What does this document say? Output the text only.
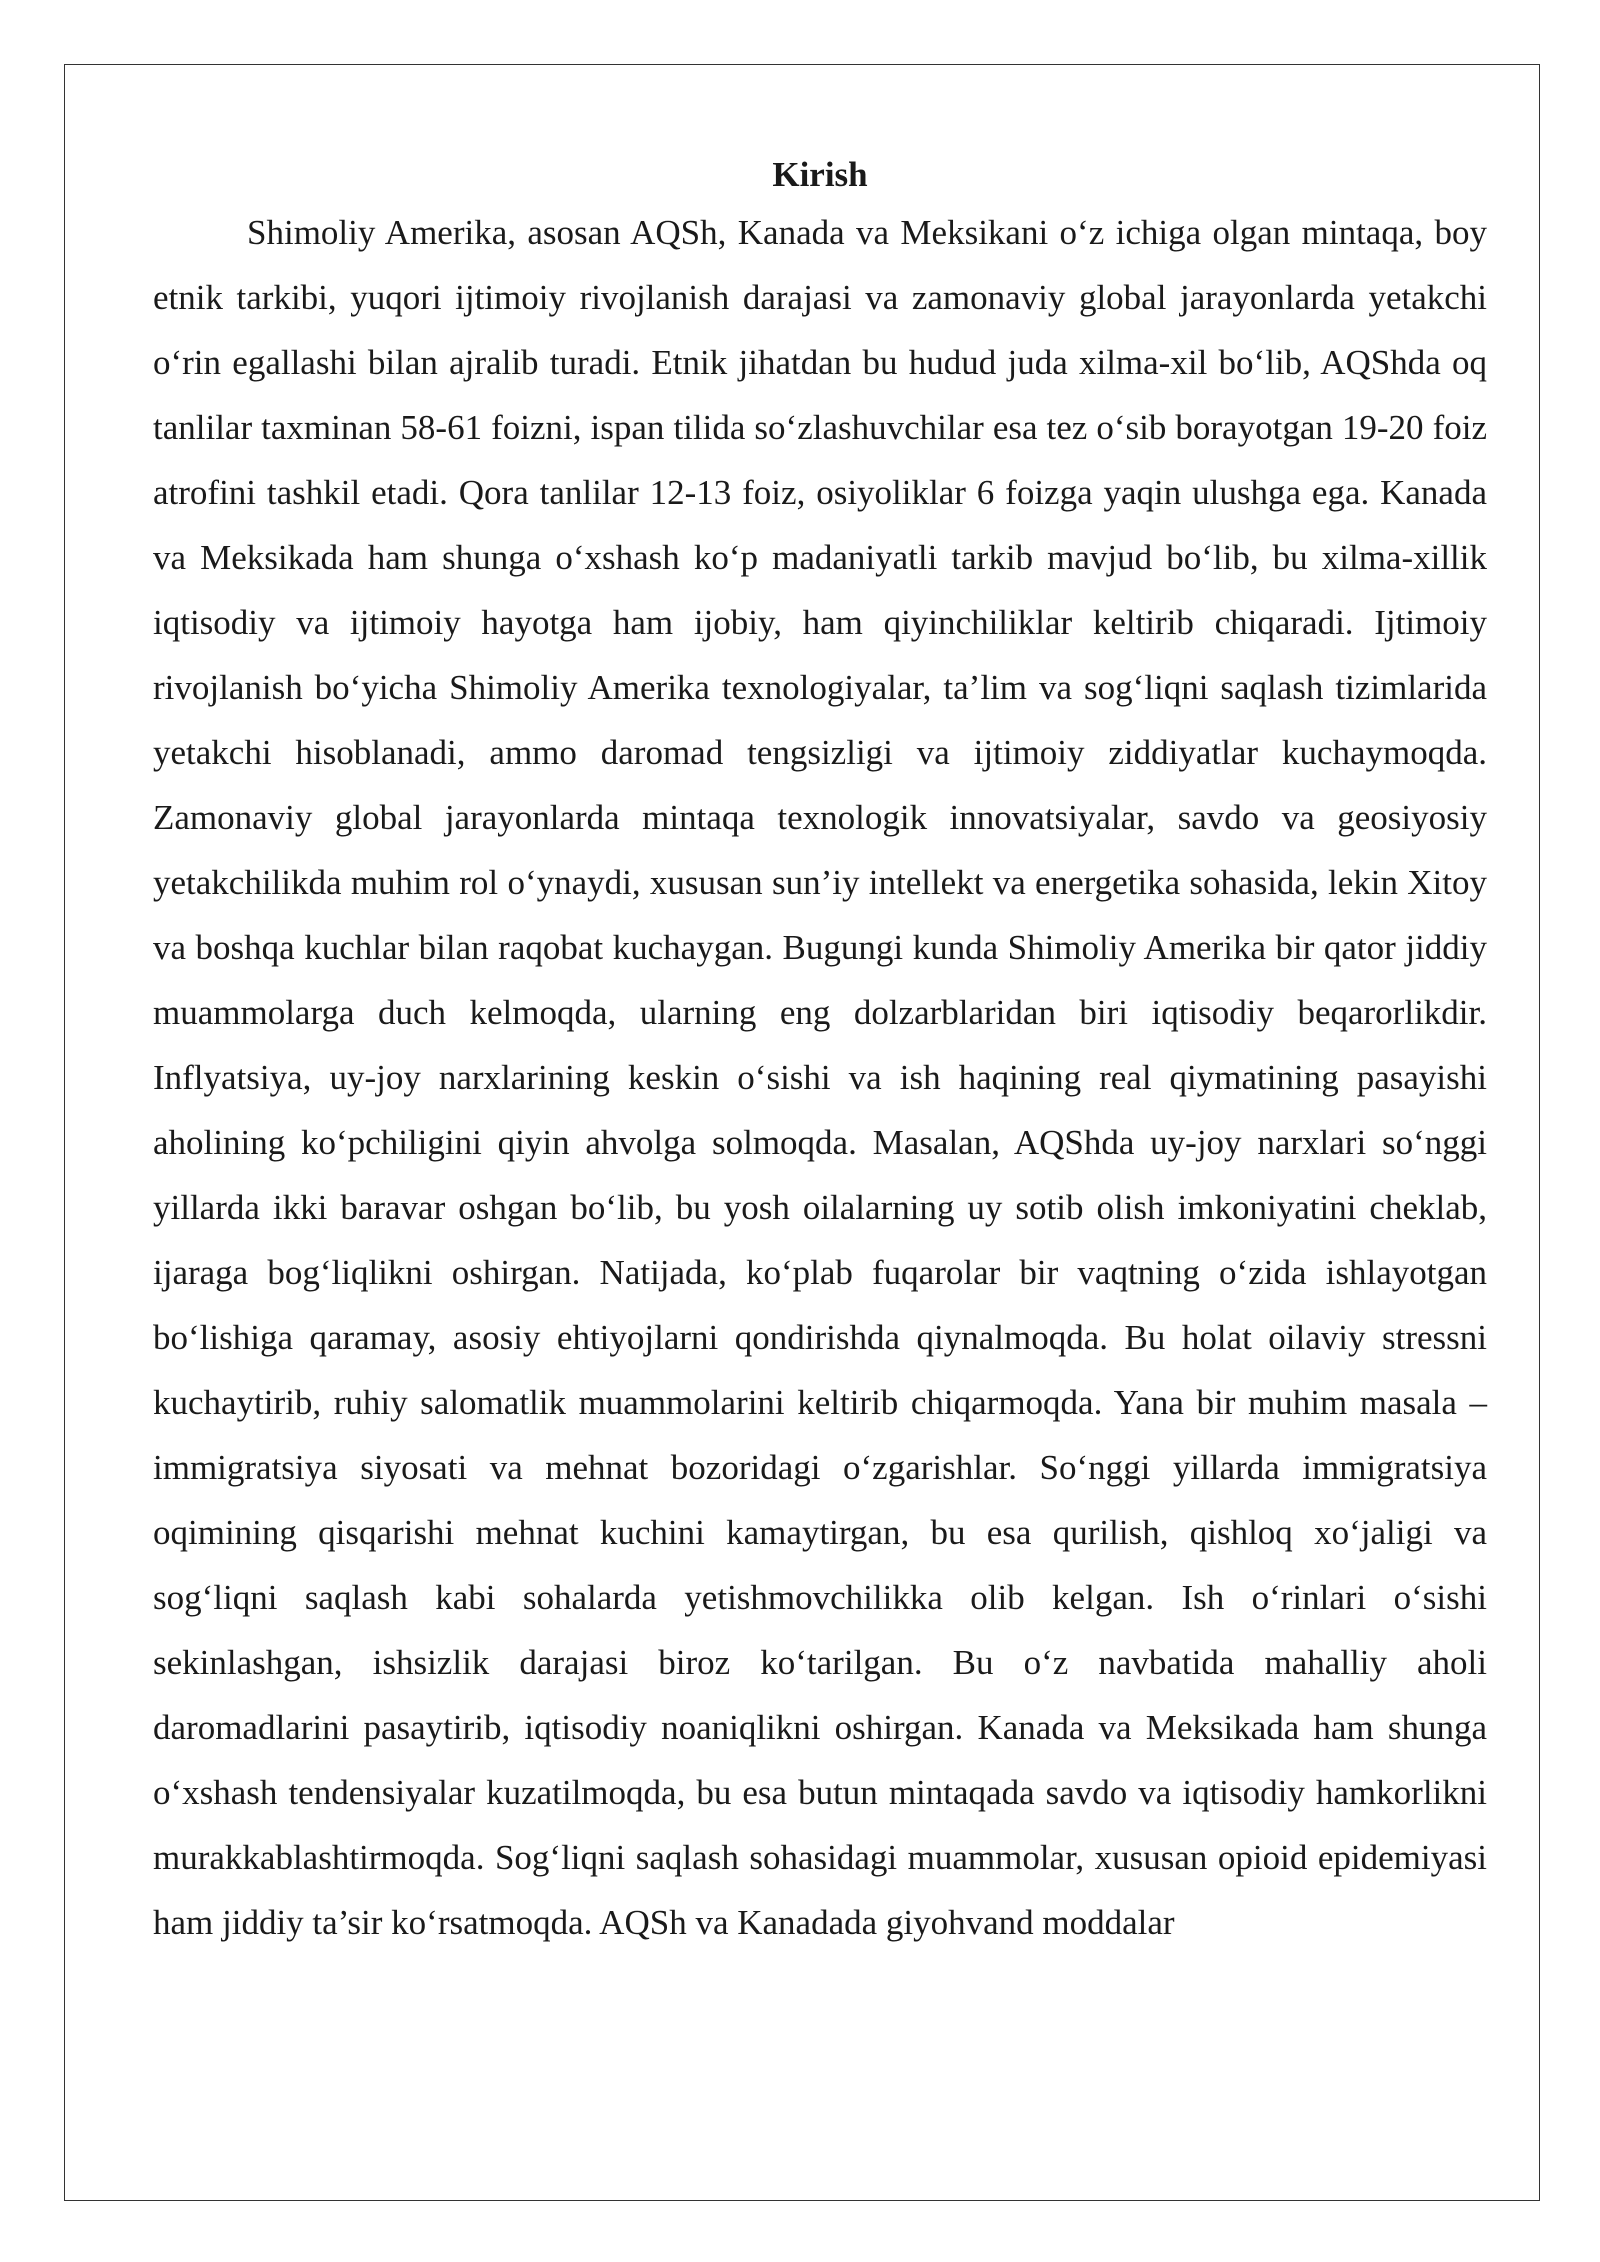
Kirish

Shimoliy Amerika, asosan AQSh, Kanada va Meksikani o‘z ichiga olgan mintaqa, boy etnik tarkibi, yuqori ijtimoiy rivojlanish darajasi va zamonaviy global jarayonlarda yetakchi o‘rin egallashi bilan ajralib turadi. Etnik jihatdan bu hudud juda xilma-xil bo‘lib, AQShda oq tanlilar taxminan 58-61 foizni, ispan tilida so‘zlashuvchilar esa tez o‘sib borayotgan 19-20 foiz atrofini tashkil etadi. Qora tanlilar 12-13 foiz, osiyoliklar 6 foizga yaqin ulushga ega. Kanada va Meksikada ham shunga o‘xshash ko‘p madaniyatli tarkib mavjud bo‘lib, bu xilma-xillik iqtisodiy va ijtimoiy hayotga ham ijobiy, ham qiyinchiliklar keltirib chiqaradi. Ijtimoiy rivojlanish bo‘yicha Shimoliy Amerika texnologiyalar, ta’lim va sog‘liqni saqlash tizimlarida yetakchi hisoblanadi, ammo daromad tengsizligi va ijtimoiy ziddiyatlar kuchaymoqda. Zamonaviy global jarayonlarda mintaqa texnologik innovatsiyalar, savdo va geosiyosiy yetakchilikda muhim rol o‘ynaydi, xususan sun’iy intellekt va energetika sohasida, lekin Xitoy va boshqa kuchlar bilan raqobat kuchaygan. Bugungi kunda Shimoliy Amerika bir qator jiddiy muammolarga duch kelmoqda, ularning eng dolzarblaridan biri iqtisodiy beqarorlikdir. Inflyatsiya, uy-joy narxlarining keskin o‘sishi va ish haqining real qiymatining pasayishi aholining ko‘pchiligini qiyin ahvolga solmoqda. Masalan, AQShda uy-joy narxlari so‘nggi yillarda ikki baravar oshgan bo‘lib, bu yosh oilalarning uy sotib olish imkoniyatini cheklab, ijaraga bog‘liqlikni oshirgan. Natijada, ko‘plab fuqarolar bir vaqtning o‘zida ishlayotgan bo‘lishiga qaramay, asosiy ehtiyojlarni qondirishda qiynalmoqda. Bu holat oilaviy stressni kuchaytirib, ruhiy salomatlik muammolarini keltirib chiqarmoqda. Yana bir muhim masala – immigratsiya siyosati va mehnat bozoridagi o‘zgarishlar. So‘nggi yillarda immigratsiya oqimining qisqarishi mehnat kuchini kamaytirgan, bu esa qurilish, qishloq xo‘jaligi va sog‘liqni saqlash kabi sohalarda yetishmovchilikka olib kelgan. Ish o‘rinlari o‘sishi sekinlashgan, ishsizlik darajasi biroz ko‘tarilgan. Bu o‘z navbatida mahalliy aholi daromadlarini pasaytirib, iqtisodiy noaniqlikni oshirgan. Kanada va Meksikada ham shunga o‘xshash tendensiyalar kuzatilmoqda, bu esa butun mintaqada savdo va iqtisodiy hamkorlikni murakkablashtirmoqda. Sog‘liqni saqlash sohasidagi muammolar, xususan opioid epidemiyasi ham jiddiy ta’sir ko‘rsatmoqda. AQSh va Kanadada giyohvand moddalar
